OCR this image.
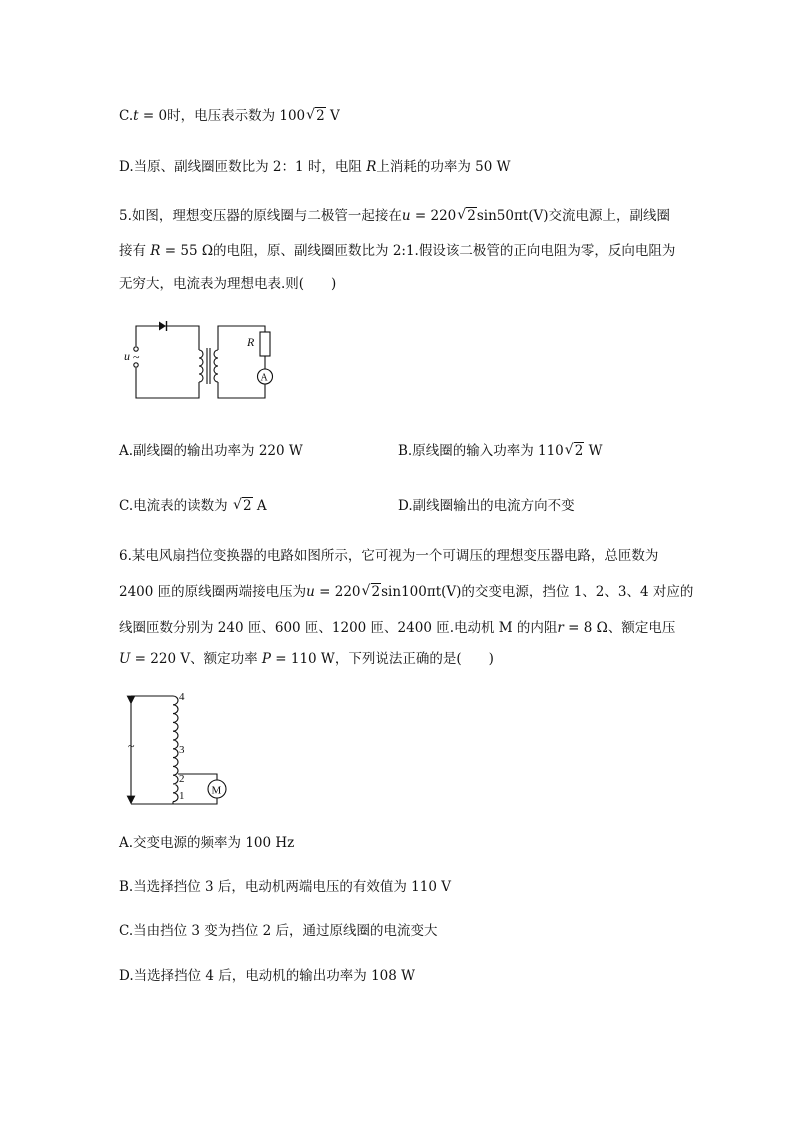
C.t = 0时，电压表示数为 100 √ 2 V
D.当原、副线圈匝数比为 2：1 时，电阻 R上消耗的功率为 50 W
5.如图，理想变压器的原线圈与二极管一起接在u = 220 √ 2sin50πt(V)交流电源上，副线圈
接有 R = 55 Ω的电阻，原、副线圈匝数比为 2:1.假设该二极管的正向电阻为零，反向电阻为
无穷大，电流表为理想电表.则(　　)
u ~
R
A
A.副线圈的输出功率为 220 W	B.原线圈的输入功率为 110 √ 2 W
C.电流表的读数为 √ 2 A	D.副线圈输出的电流方向不变
6.某电风扇挡位变换器的电路如图所示，它可视为一个可调压的理想变压器电路，总匝数为
2400 匝的原线圈两端接电压为u = 220 √ 2sin100πt(V)的交变电源，挡位 1、2、3、4 对应的
线圈匝数分别为 240 匝、600 匝、1200 匝、2400 匝.电动机 M 的内阻r = 8 Ω、额定电压
U = 220 V、额定功率 P = 110 W，下列说法正确的是(　　)
~
4
3
2
1 M
A.交变电源的频率为 100 Hz
B.当选择挡位 3 后，电动机两端电压的有效值为 110 V
C.当由挡位 3 变为挡位 2 后，通过原线圈的电流变大
D.当选择挡位 4 后，电动机的输出功率为 108 W
